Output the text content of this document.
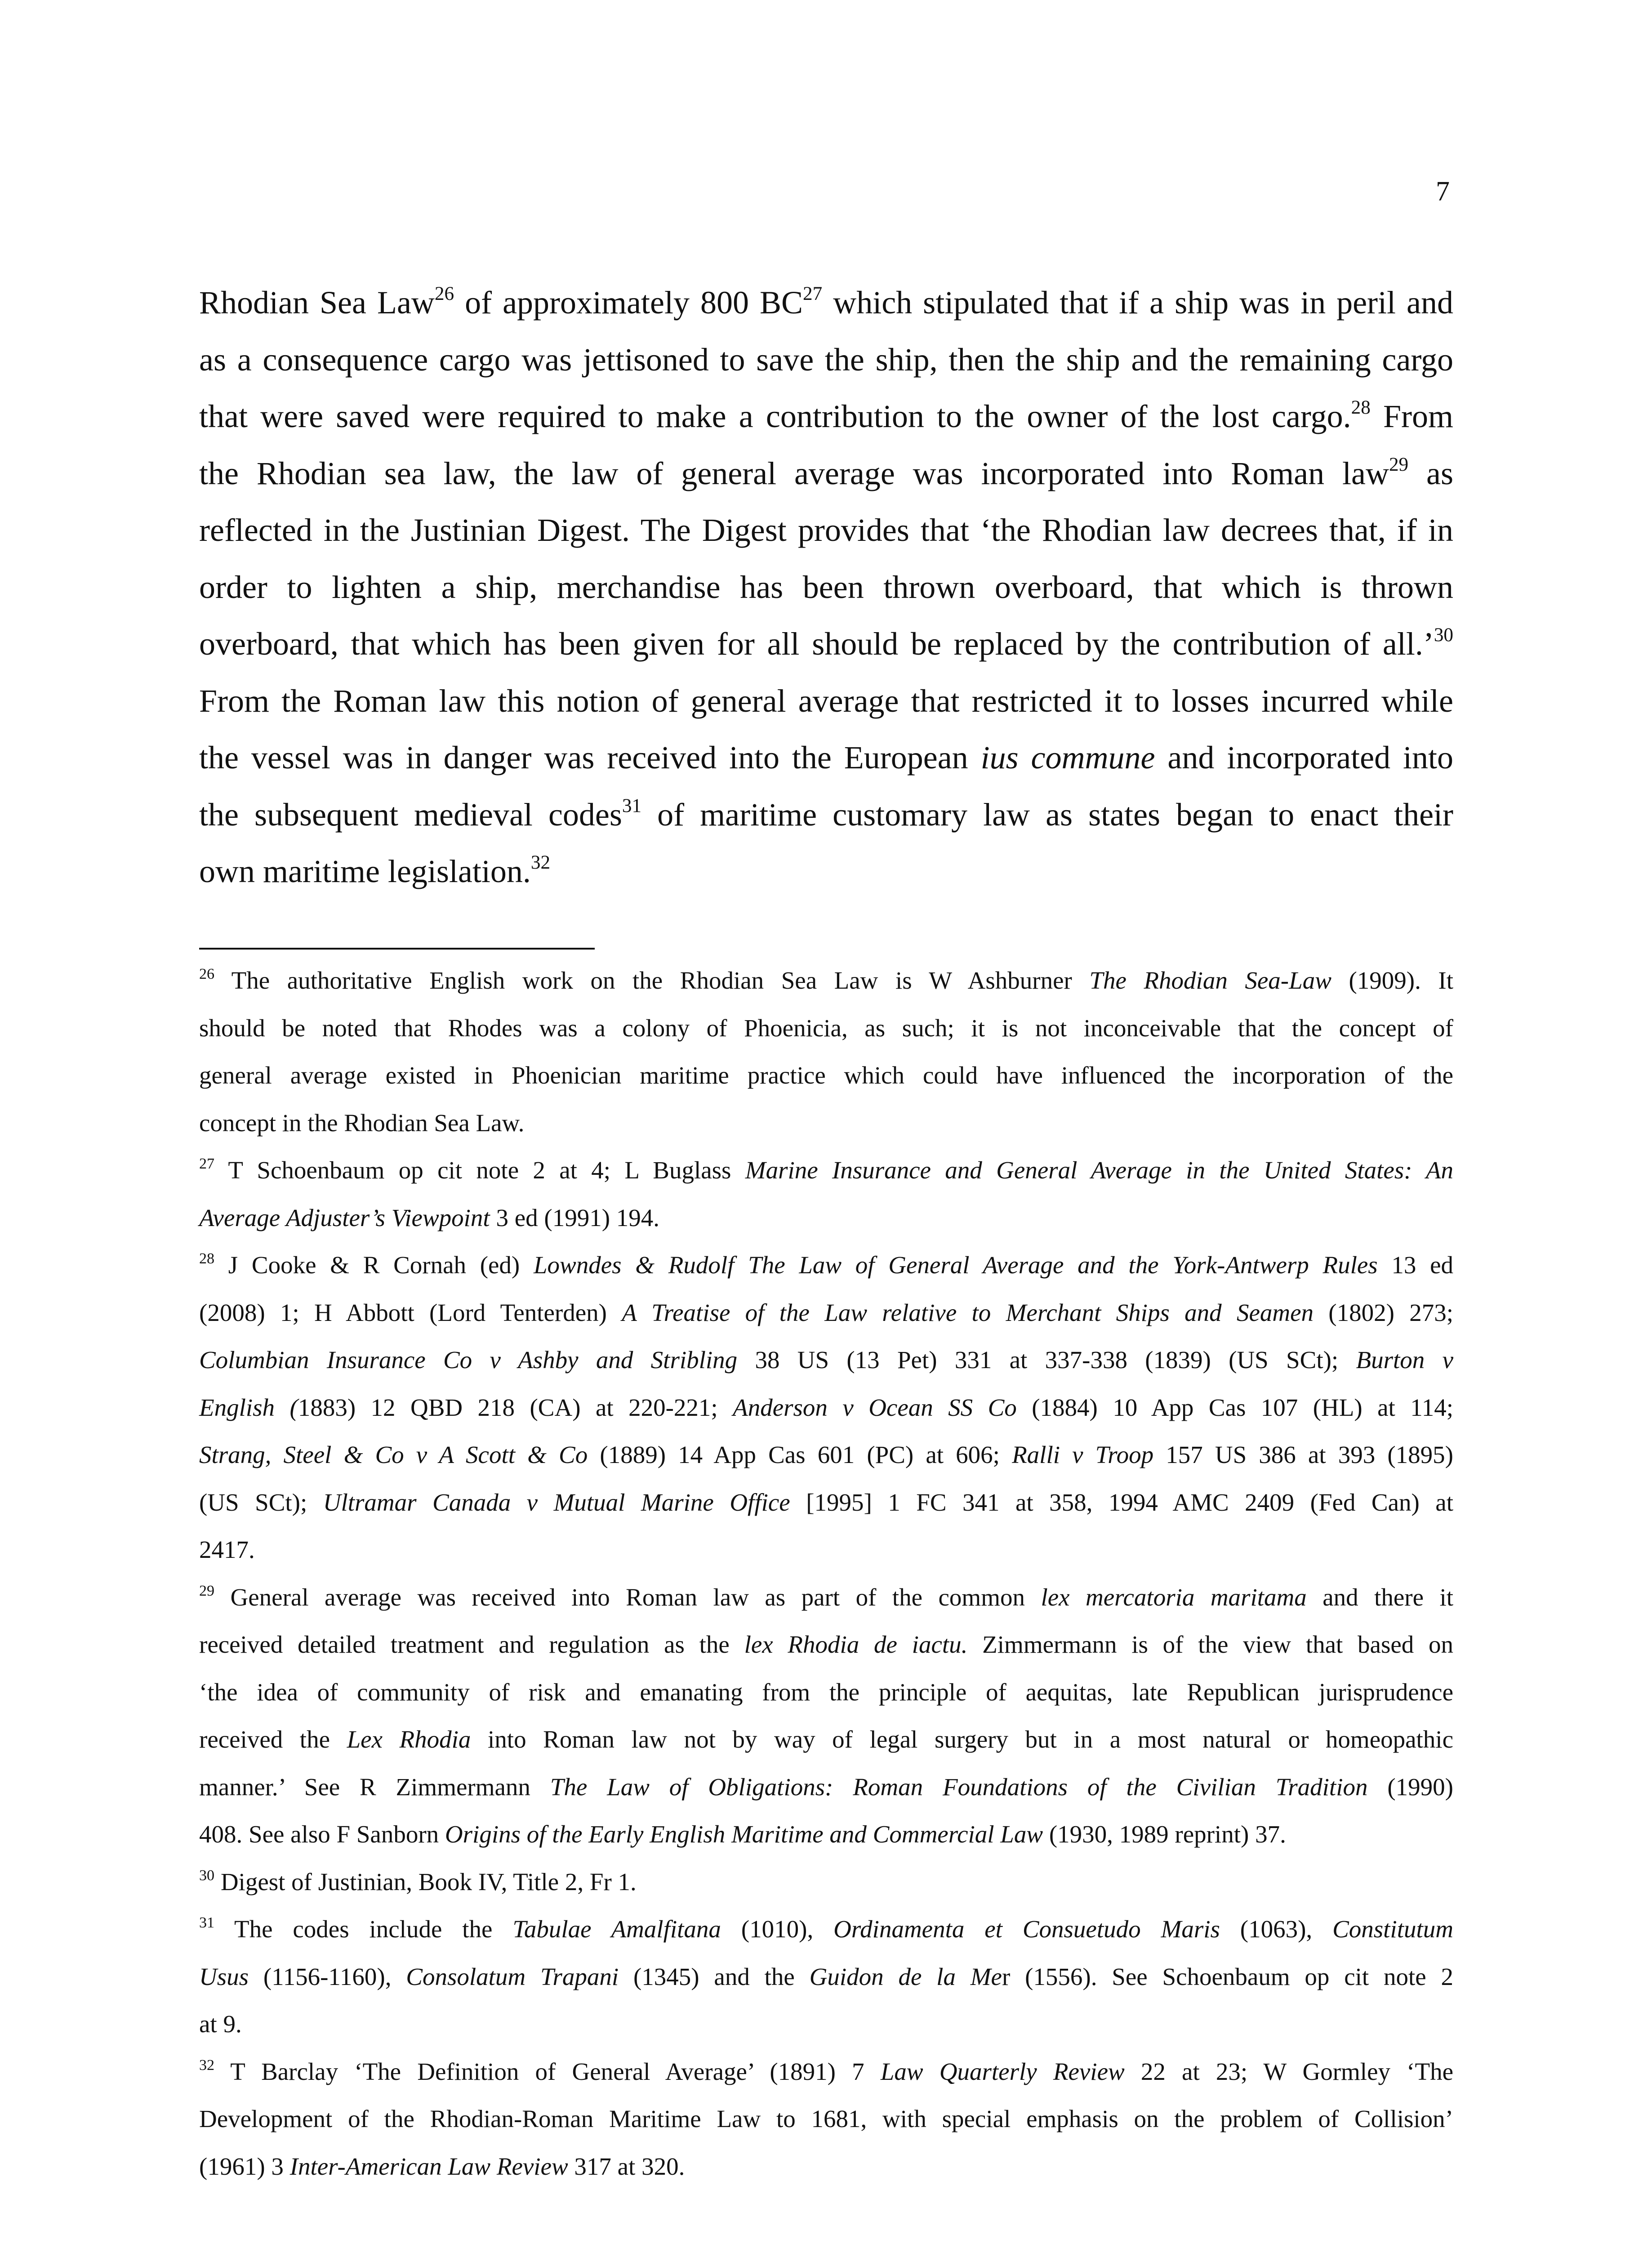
7
Rhodian Sea Law$^{26}$ of approximately 800 BC$^{27}$ which stipulated that if a ship was in peril and
as a consequence cargo was jettisoned to save the ship, then the ship and the remaining cargo
that were saved were required to make a contribution to the owner of the lost cargo.$^{28}$ From
the Rhodian sea law, the law of general average was incorporated into Roman law$^{29}$ as
reflected in the Justinian Digest. The Digest provides that ‘the Rhodian law decrees that, if in
order to lighten a ship, merchandise has been thrown overboard, that which is thrown
overboard, that which has been given for all should be replaced by the contribution of all.’$^{30}$
From the Roman law this notion of general average that restricted it to losses incurred while
the vessel was in danger was received into the European ius commune and incorporated into
the subsequent medieval codes$^{31}$ of maritime customary law as states began to enact their
own maritime legislation.$^{32}$
$^{26}$ The authoritative English work on the Rhodian Sea Law is W Ashburner The Rhodian Sea-Law (1909). It
should be noted that Rhodes was a colony of Phoenicia, as such; it is not inconceivable that the concept of
general average existed in Phoenician maritime practice which could have influenced the incorporation of the
concept in the Rhodian Sea Law.
$^{27}$ T Schoenbaum op cit note 2 at 4; L Buglass Marine Insurance and General Average in the United States: An
Average Adjuster’s Viewpoint 3 ed (1991) 194.
$^{28}$ J Cooke & R Cornah (ed) Lowndes & Rudolf The Law of General Average and the York-Antwerp Rules 13 ed
(2008) 1; H Abbott (Lord Tenterden) A Treatise of the Law relative to Merchant Ships and Seamen (1802) 273;
Columbian Insurance Co v Ashby and Stribling 38 US (13 Pet) 331 at 337-338 (1839) (US SCt); Burton v
English (1883) 12 QBD 218 (CA) at 220-221; Anderson v Ocean SS Co (1884) 10 App Cas 107 (HL) at 114;
Strang, Steel & Co v A Scott & Co (1889) 14 App Cas 601 (PC) at 606; Ralli v Troop 157 US 386 at 393 (1895)
(US SCt); Ultramar Canada v Mutual Marine Office [1995] 1 FC 341 at 358, 1994 AMC 2409 (Fed Can) at
2417.
$^{29}$ General average was received into Roman law as part of the common lex mercatoria maritama and there it
received detailed treatment and regulation as the lex Rhodia de iactu. Zimmermann is of the view that based on
‘the idea of community of risk and emanating from the principle of aequitas, late Republican jurisprudence
received the Lex Rhodia into Roman law not by way of legal surgery but in a most natural or homeopathic
manner.’ See R Zimmermann The Law of Obligations: Roman Foundations of the Civilian Tradition (1990)
408. See also F Sanborn Origins of the Early English Maritime and Commercial Law (1930, 1989 reprint) 37.
$^{30}$ Digest of Justinian, Book IV, Title 2, Fr 1.
$^{31}$ The codes include the Tabulae Amalfitana (1010), Ordinamenta et Consuetudo Maris (1063), Constitutum
Usus (1156-1160), Consolatum Trapani (1345) and the Guidon de la Mer (1556). See Schoenbaum op cit note 2
at 9.
$^{32}$ T Barclay ‘The Definition of General Average’ (1891) 7 Law Quarterly Review 22 at 23; W Gormley ‘The
Development of the Rhodian-Roman Maritime Law to 1681, with special emphasis on the problem of Collision’
(1961) 3 Inter-American Law Review 317 at 320.
